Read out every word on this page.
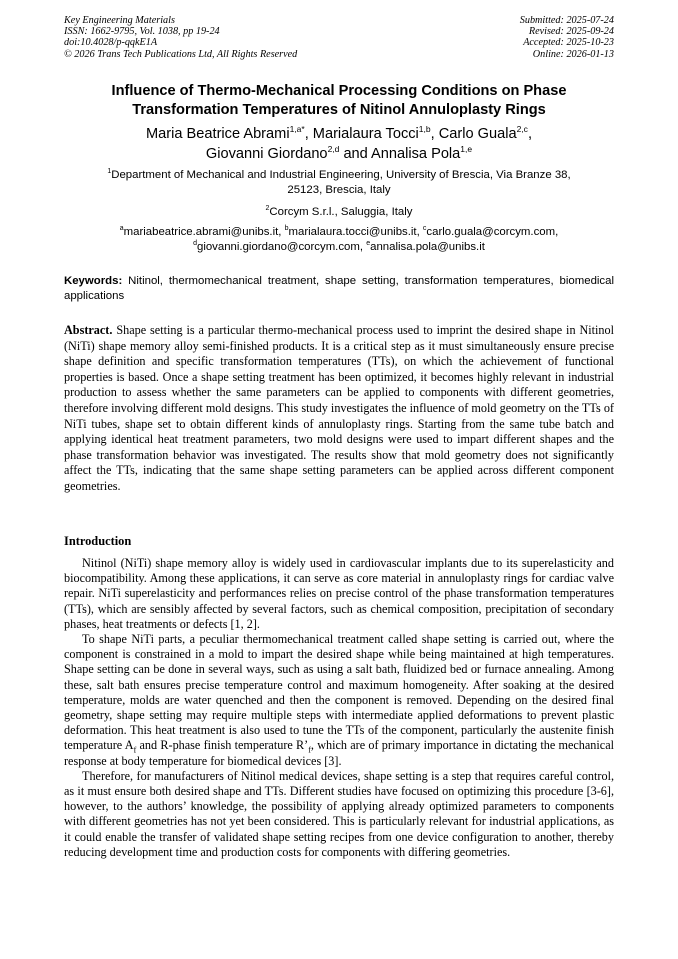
Key Engineering Materials
ISSN: 1662-9795, Vol. 1038, pp 19-24
doi:10.4028/p-qqkE1A
© 2026 Trans Tech Publications Ltd, All Rights Reserved
Submitted: 2025-07-24
Revised: 2025-09-24
Accepted: 2025-10-23
Online: 2026-01-13
Influence of Thermo-Mechanical Processing Conditions on Phase
Transformation Temperatures of Nitinol Annuloplasty Rings
Maria Beatrice Abrami$^{1,a*}$, Marialaura Tocci$^{1,b}$, Carlo Guala$^{2,c}$,
Giovanni Giordano$^{2,d}$ and Annalisa Pola$^{1,e}$
$^1$Department of Mechanical and Industrial Engineering, University of Brescia, Via Branze 38,
25123, Brescia, Italy
$^2$Corcym S.r.l., Saluggia, Italy
$^a$mariabeatrice.abrami@unibs.it, $^b$marialaura.tocci@unibs.it, $^c$carlo.guala@corcym.com,
$^d$giovanni.giordano@corcym.com, $^e$annalisa.pola@unibs.it
Keywords: Nitinol, thermomechanical treatment, shape setting, transformation temperatures, biomedical applications
Abstract. Shape setting is a particular thermo-mechanical process used to imprint the desired shape in Nitinol (NiTi) shape memory alloy semi-finished products. It is a critical step as it must simultaneously ensure precise shape definition and specific transformation temperatures (TTs), on which the achievement of functional properties is based. Once a shape setting treatment has been optimized, it becomes highly relevant in industrial production to assess whether the same parameters can be applied to components with different geometries, therefore involving different mold designs. This study investigates the influence of mold geometry on the TTs of NiTi tubes, shape set to obtain different kinds of annuloplasty rings. Starting from the same tube batch and applying identical heat treatment parameters, two mold designs were used to impart different shapes and the phase transformation behavior was investigated. The results show that mold geometry does not significantly affect the TTs, indicating that the same shape setting parameters can be applied across different component geometries.
Introduction

Nitinol (NiTi) shape memory alloy is widely used in cardiovascular implants due to its superelasticity and biocompatibility. Among these applications, it can serve as core material in annuloplasty rings for cardiac valve repair. NiTi superelasticity and performances relies on precise control of the phase transformation temperatures (TTs), which are sensibly affected by several factors, such as chemical composition, precipitation of secondary phases, heat treatments or defects [1, 2].

To shape NiTi parts, a peculiar thermomechanical treatment called shape setting is carried out, where the component is constrained in a mold to impart the desired shape while being maintained at high temperatures. Shape setting can be done in several ways, such as using a salt bath, fluidized bed or furnace annealing. Among these, salt bath ensures precise temperature control and maximum homogeneity. After soaking at the desired temperature, molds are water quenched and then the component is removed. Depending on the desired final geometry, shape setting may require multiple steps with intermediate applied deformations to prevent plastic deformation. This heat treatment is also used to tune the TTs of the component, particularly the austenite finish temperature $A_f$ and R-phase finish temperature $R’_f$, which are of primary importance in dictating the mechanical response at body temperature for biomedical devices [3].

Therefore, for manufacturers of Nitinol medical devices, shape setting is a step that requires careful control, as it must ensure both desired shape and TTs. Different studies have focused on optimizing this procedure [3-6], however, to the authors’ knowledge, the possibility of applying already optimized parameters to components with different geometries has not yet been considered. This is particularly relevant for industrial applications, as it could enable the transfer of validated shape setting recipes from one device configuration to another, thereby reducing development time and production costs for components with differing geometries.
